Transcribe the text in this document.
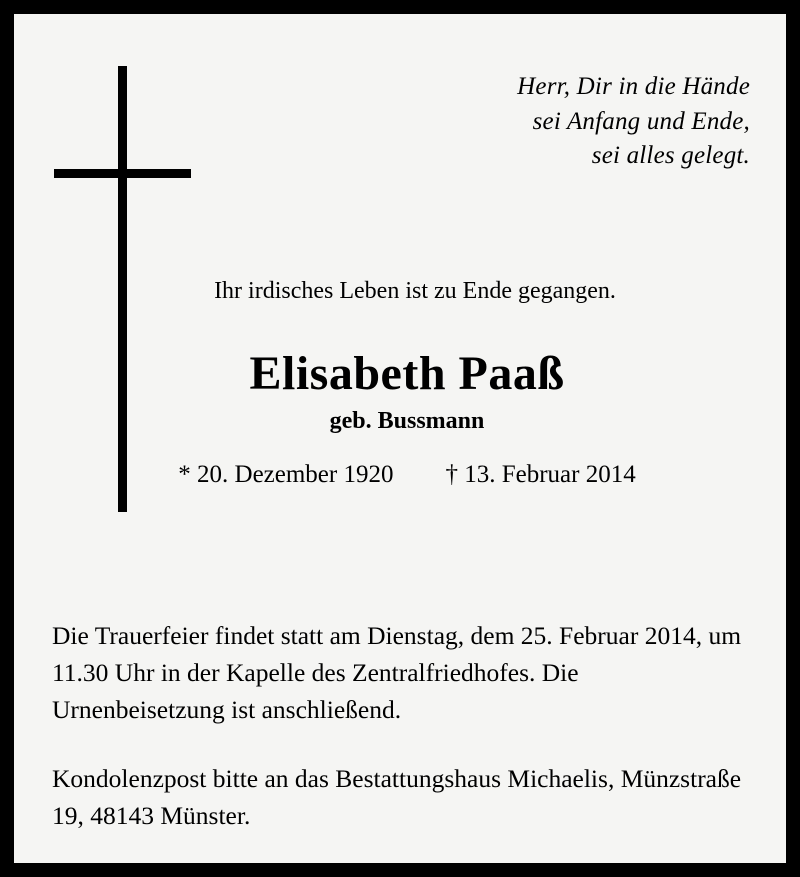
Herr, Dir in die Hände
sei Anfang und Ende,
sei alles gelegt.

Ihr irdisches Leben ist zu Ende gegangen.

Elisabeth Paaß

geb. Bussmann

* 20. Dezember 1920 † 13. Februar 2014

Die Trauerfeier findet statt am Dienstag, dem 25. Februar 2014, um 11.30 Uhr in der Kapelle des Zentralfriedhofes. Die Urnenbeisetzung ist anschließend.

Kondolenzpost bitte an das Bestattungshaus Michaelis, Münzstraße 19, 48143 Münster.
